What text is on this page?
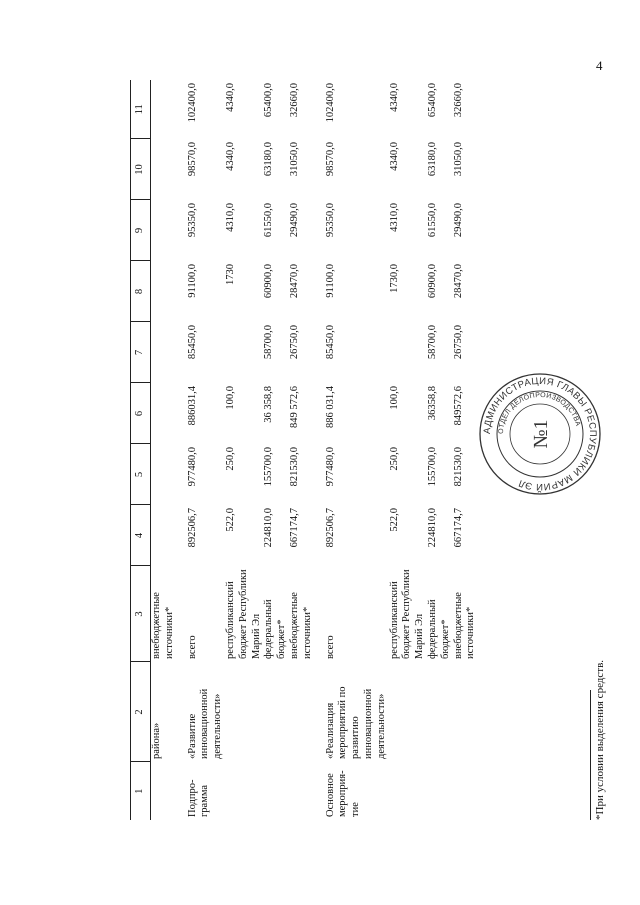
4
1	2	3	4	5	6	7	8	9	10	11
	района»	внебюджетные источники*								

Подпро-грамма	«Развитие инновационной деятельности»	всего	892506,7	977480,0	886031,4	85450,0	91100,0	95350,0	98570,0	102400,0
		республиканский бюджет Республики Марий Эл	522,0	250,0	100,0		1730	4310,0	4340,0	4340,0
		федеральный бюджет*	224810,0	155700,0	36 358,8	58700,0	60900,0	61550,0	63180,0	65400,0
		внебюджетные источники*	667174,7	821530,0	849 572,6	26750,0	28470,0	29490,0	31050,0	32660,0

Основное мероприя-тие	«Реализация мероприятий по развитию инновационной деятельности»	всего	892506,7	977480,0	886 031,4	85450,0	91100,0	95350,0	98570,0	102400,0
		республиканский бюджет Республики Марий Эл	522,0	250,0	100,0		1730,0	4310,0	4340,0	4340,0
		федеральный бюджет*	224810,0	155700,0	36358,8	58700,0	60900,0	61550,0	63180,0	65400,0
		внебюджетные источники*	667174,7	821530,0	849572,6	26750,0	28470,0	29490,0	31050,0	32660,0
*При условии выделения средств.
АДМИНИСТРАЦИЯ ГЛАВЫ РЕСПУБЛИКИ МАРИЙ ЭЛ
ОТДЕЛ ДЕЛОПРОИЗВОДСТВА
№1
